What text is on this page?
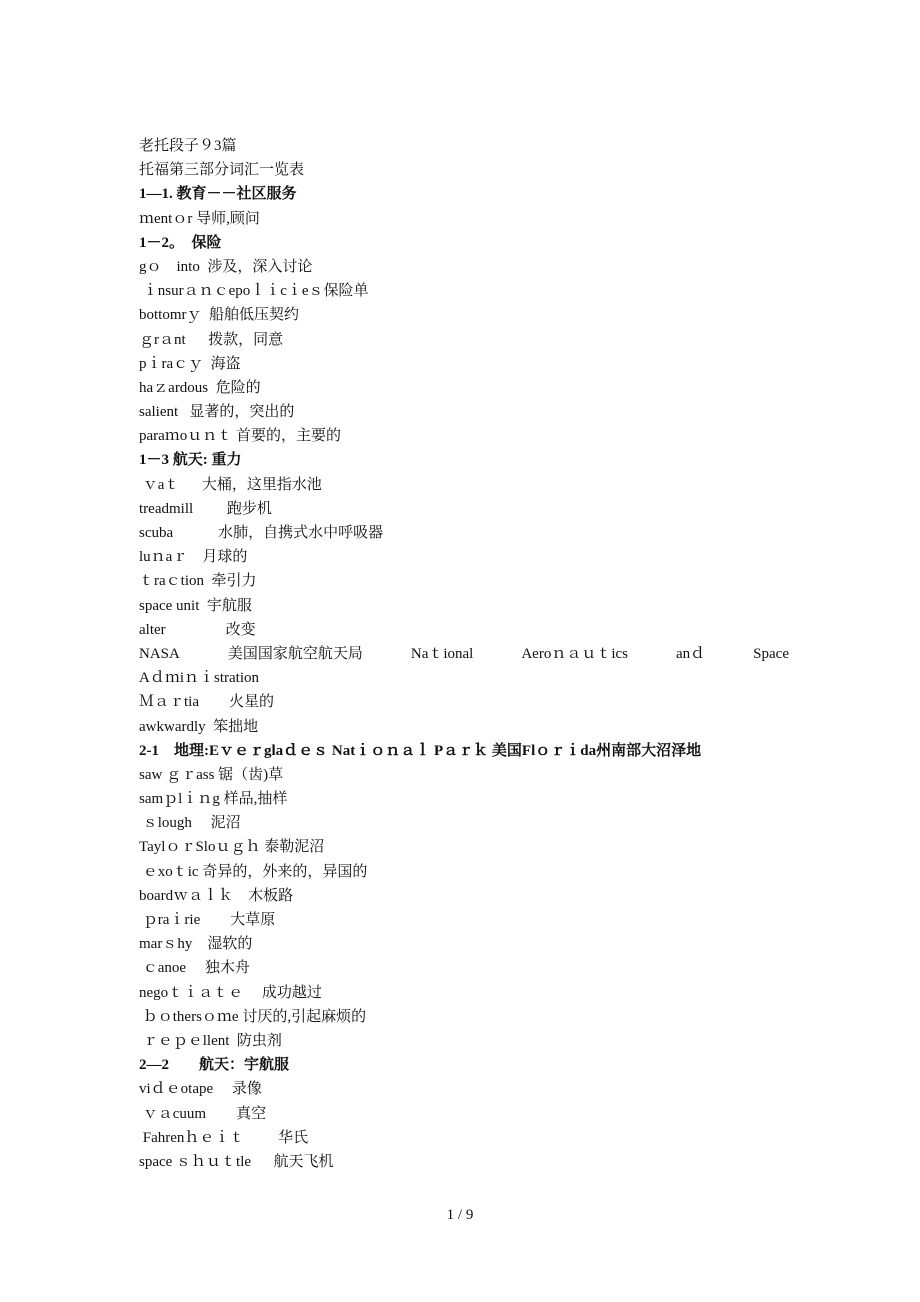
老托段子９3篇
托福第三部分词汇一览表
1—1. 教育－－社区服务
ｍentｏr 导师,顾问
1－2。　保险
gｏ　into  涉及，深入讨论
ｉnsurａｎｃepoｌｉcｉeｓ保险单
bottomrｙ  船舶低压契约
ｇrａnt　  拨款，同意
pｉraｃｙ  海盗
haｚardous  危险的
salient   显著的，突出的
paraｍoｕｎｔ 首要的，主要的
1－3 航天: 重力
ｖaｔ　  大桶，这里指水池
treadmill　　 跑步机
scuba　　　水肺，自携式水中呼吸器
luｎaｒ　月球的
ｔraｃtion  牵引力
space unit  宇航服
alter　　　　改变
NASA	美国国家航空航天局	Naｔional	Aeroｎａｕｔics	anｄ	Space
Aｄｍiｎｉstration
Ｍａｒtia　　火星的
awkwardly  笨拙地
2-1　地理:Eｖｅｒglaｄｅｓ Natｉｏｎａｌ Pａｒｋ 美国Flｏｒｉda州南部大沼泽地
saw ｇｒass 锯（齿)草
samｐlｉｎg 样品,抽样
ｓlough 　泥沼
TaylｏｒSloｕｇｈ 泰勒泥沼
ｅxoｔic 奇异的，外来的，异国的
boardｗａｌｋ　木板路
ｐraｉrie　　大草原
marｓhy　湿软的
ｃanoe 　独木舟
negoｔｉａｔｅ　 成功越过
ｂｏthersｏｍe 讨厌的,引起麻烦的
ｒｅｐｅllent  防虫剂
2—2　　航天：宇航服
viｄｅotape　 录像
ｖａcuum　　真空
Fahrenｈｅｉｔ　　 华氏
space ｓｈｕｔtle　  航天飞机
1 / 9
